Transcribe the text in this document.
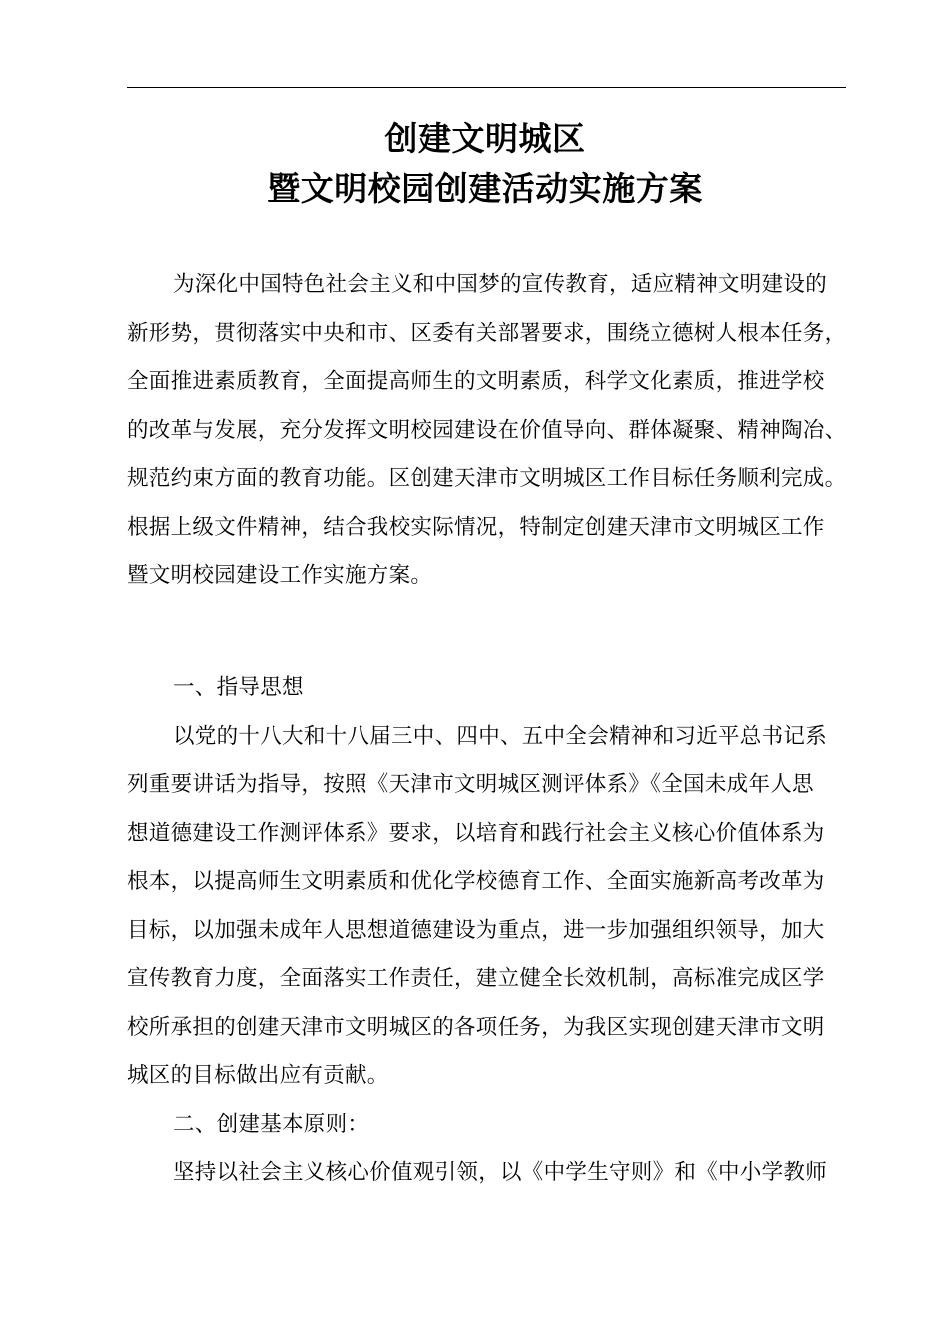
创建文明城区
暨文明校园创建活动实施方案
为深化中国特色社会主义和中国梦的宣传教育，适应精神文明建设的
新形势，贯彻落实中央和市、区委有关部署要求，围绕立德树人根本任务，
全面推进素质教育，全面提高师生的文明素质，科学文化素质，推进学校
的改革与发展，充分发挥文明校园建设在价值导向、群体凝聚、精神陶冶、
规范约束方面的教育功能。区创建天津市文明城区工作目标任务顺利完成。
根据上级文件精神，结合我校实际情况，特制定创建天津市文明城区工作
暨文明校园建设工作实施方案。
一、指导思想
以党的十八大和十八届三中、四中、五中全会精神和习近平总书记系
列重要讲话为指导，按照《天津市文明城区测评体系》《全国未成年人思
想道德建设工作测评体系》要求，以培育和践行社会主义核心价值体系为
根本，以提高师生文明素质和优化学校德育工作、全面实施新高考改革为
目标，以加强未成年人思想道德建设为重点，进一步加强组织领导，加大
宣传教育力度，全面落实工作责任，建立健全长效机制，高标准完成区学
校所承担的创建天津市文明城区的各项任务，为我区实现创建天津市文明
城区的目标做出应有贡献。
二、创建基本原则：
坚持以社会主义核心价值观引领，以《中学生守则》和《中小学教师
